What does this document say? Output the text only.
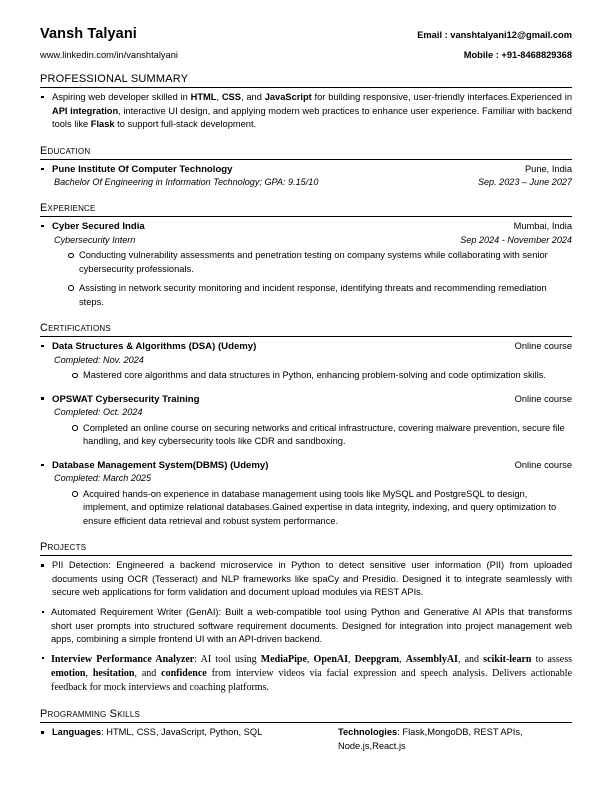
Vansh Talyani	Email : vanshtalyani12@gmail.com
www.linkedin.com/in/vanshtalyani	Mobile : +91-8468829368
PROFESSIONAL SUMMARY
Aspiring web developer skilled in HTML, CSS, and JavaScript for building responsive, user-friendly interfaces.Experienced in API integration, interactive UI design, and applying modern web practices to enhance user experience. Familiar with backend tools like Flask to support full-stack development.
Education
Pune Institute Of Computer Technology	Pune, India
Bachelor Of Engineering in Information Technology; GPA: 9.15/10	Sep. 2023 – June 2027
Experience
Cyber Secured India	Mumbai, India
Cybersecurity Intern	Sep 2024 - November 2024
Conducting vulnerability assessments and penetration testing on company systems while collaborating with senior cybersecurity professionals.
Assisting in network security monitoring and incident response, identifying threats and recommending remediation steps.
Certifications
Data Structures & Algorithms (DSA) (Udemy)	Online course
Completed: Nov. 2024
Mastered core algorithms and data structures in Python, enhancing problem-solving and code optimization skills.
OPSWAT Cybersecurity Training	Online course
Completed: Oct. 2024
Completed an online course on securing networks and critical infrastructure, covering malware prevention, secure file handling, and key cybersecurity tools like CDR and sandboxing.
Database Management System(DBMS) (Udemy)	Online course
Completed: March 2025
Acquired hands-on experience in database management using tools like MySQL and PostgreSQL to design, implement, and optimize relational databases.Gained expertise in data integrity, indexing, and query optimization to ensure efficient data retrieval and robust system performance.
Projects
PII Detection: Engineered a backend microservice in Python to detect sensitive user information (PII) from uploaded documents using OCR (Tesseract) and NLP frameworks like spaCy and Presidio. Designed it to integrate seamlessly with secure web applications for form validation and document upload modules via REST APIs.
Automated Requirement Writer (GenAI): Built a web-compatible tool using Python and Generative AI APIs that transforms short user prompts into structured software requirement documents. Designed for integration into project management web apps, combining a simple frontend UI with an API-driven backend.
Interview Performance Analyzer: AI tool using MediaPipe, OpenAI, Deepgram, AssemblyAI, and scikit-learn to assess emotion, hesitation, and confidence from interview videos via facial expression and speech analysis. Delivers actionable feedback for mock interviews and coaching platforms.
Programming Skills
Languages: HTML, CSS, JavaScript, Python, SQL	Technologies: Flask,MongoDB, REST APIs, Node.js,React.js
